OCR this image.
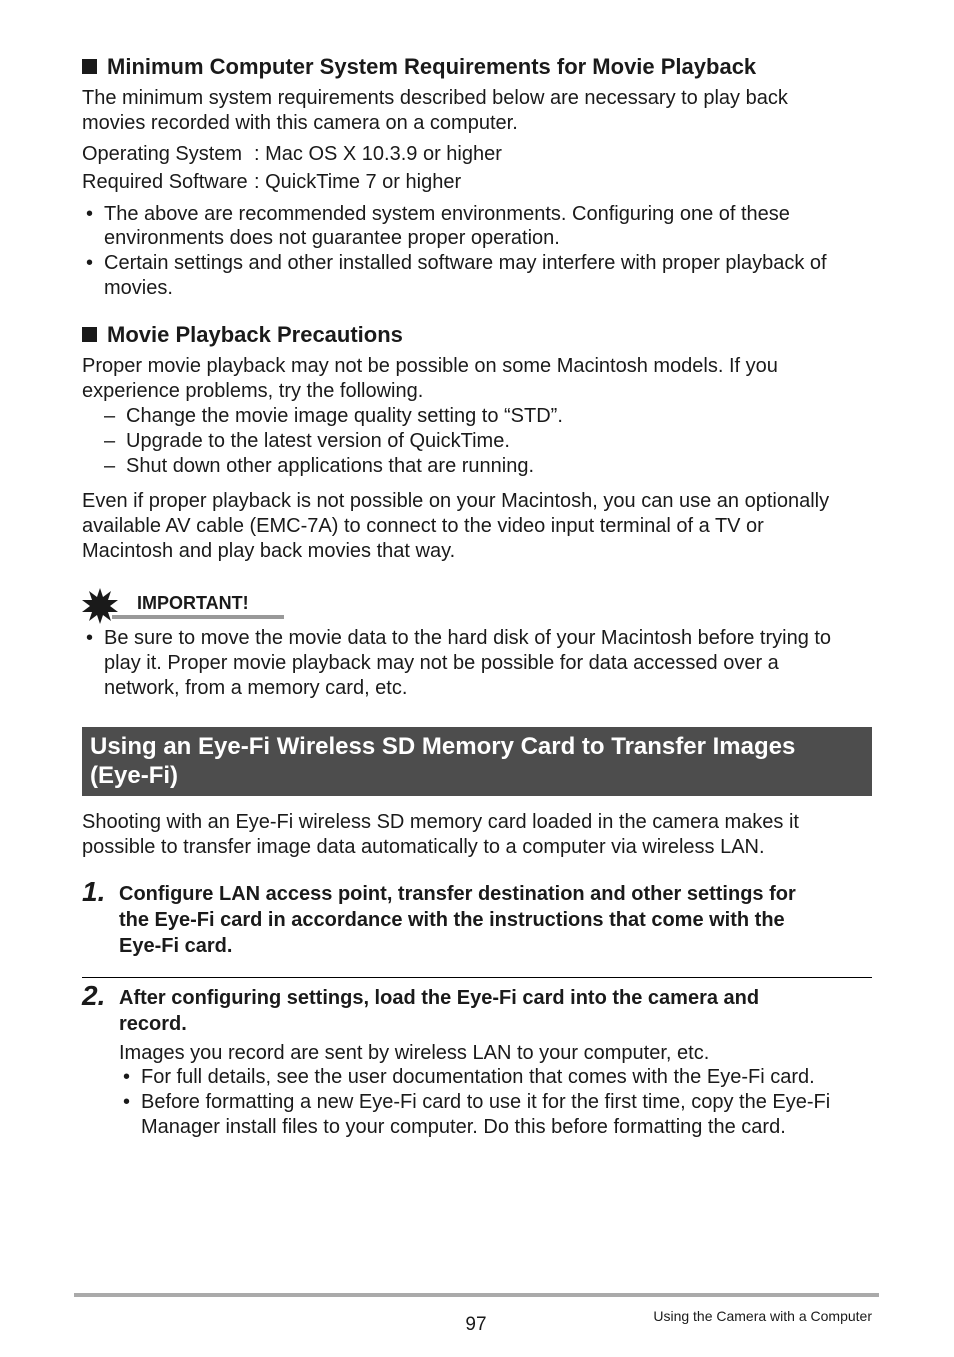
Minimum Computer System Requirements for Movie Playback
The minimum system requirements described below are necessary to play back
movies recorded with this camera on a computer.
Operating System : Mac OS X 10.3.9 or higher
Required Software : QuickTime 7 or higher
• The above are recommended system environments. Configuring one of these
environments does not guarantee proper operation.
• Certain settings and other installed software may interfere with proper playback of
movies.
Movie Playback Precautions
Proper movie playback may not be possible on some Macintosh models. If you
experience problems, try the following.
– Change the movie image quality setting to “STD”.
– Upgrade to the latest version of QuickTime.
– Shut down other applications that are running.
Even if proper playback is not possible on your Macintosh, you can use an optionally
available AV cable (EMC-7A) to connect to the video input terminal of a TV or
Macintosh and play back movies that way.
IMPORTANT!
• Be sure to move the movie data to the hard disk of your Macintosh before trying to
play it. Proper movie playback may not be possible for data accessed over a
network, from a memory card, etc.
Using an Eye-Fi Wireless SD Memory Card to Transfer Images
(Eye-Fi)
Shooting with an Eye-Fi wireless SD memory card loaded in the camera makes it
possible to transfer image data automatically to a computer via wireless LAN.
1. Configure LAN access point, transfer destination and other settings for
the Eye-Fi card in accordance with the instructions that come with the
Eye-Fi card.
2. After configuring settings, load the Eye-Fi card into the camera and
record.
Images you record are sent by wireless LAN to your computer, etc.
• For full details, see the user documentation that comes with the Eye-Fi card.
• Before formatting a new Eye-Fi card to use it for the first time, copy the Eye-Fi
Manager install files to your computer. Do this before formatting the card.
97	Using the Camera with a Computer
